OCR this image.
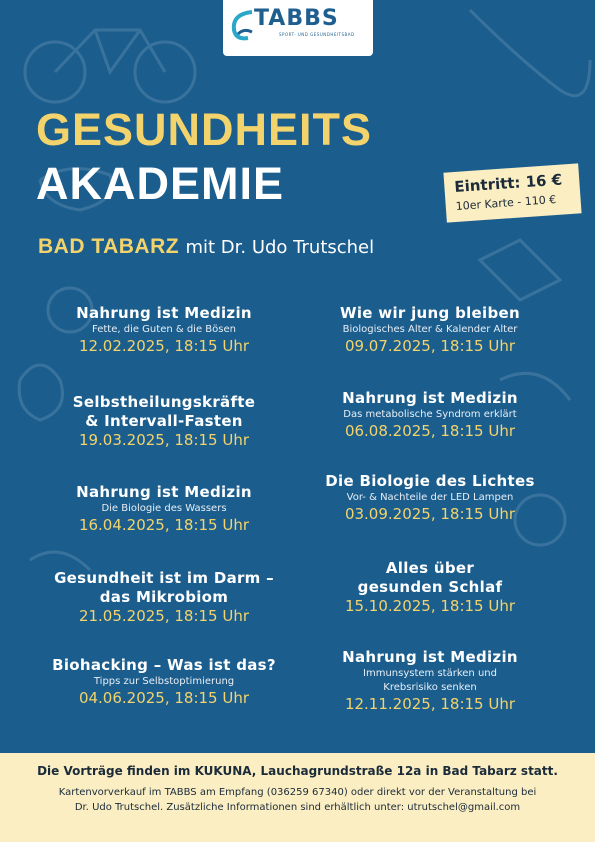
TABBS
SPORT- UND GESUNDHEITSBAD
GESUNDHEITS
AKADEMIE	Eintritt: 16 €
10er Karte - 110 €
BAD TABARZ mit Dr. Udo Trutschel
Nahrung ist Medizin
Fette, die Guten & die Bösen
12.02.2025, 18:15 Uhr
Selbstheilungskräfte
& Intervall-Fasten
19.03.2025, 18:15 Uhr
Nahrung ist Medizin
Die Biologie des Wassers
16.04.2025, 18:15 Uhr
Gesundheit ist im Darm –
das Mikrobiom
21.05.2025, 18:15 Uhr
Biohacking – Was ist das?
Tipps zur Selbstoptimierung
04.06.2025, 18:15 Uhr
Wie wir jung bleiben
Biologisches Alter & Kalender Alter
09.07.2025, 18:15 Uhr
Nahrung ist Medizin
Das metabolische Syndrom erklärt
06.08.2025, 18:15 Uhr
Die Biologie des Lichtes
Vor- & Nachteile der LED Lampen
03.09.2025, 18:15 Uhr
Alles über
gesunden Schlaf
15.10.2025, 18:15 Uhr
Nahrung ist Medizin
Immunsystem stärken und
Krebsrisiko senken
12.11.2025, 18:15 Uhr
Die Vorträge finden im KUKUNA, Lauchagrundstraße 12a in Bad Tabarz statt.
Kartenvorverkauf im TABBS am Empfang (036259 67340) oder direkt vor der Veranstaltung bei
Dr. Udo Trutschel. Zusätzliche Informationen sind erhältlich unter: utrutschel@gmail.com
